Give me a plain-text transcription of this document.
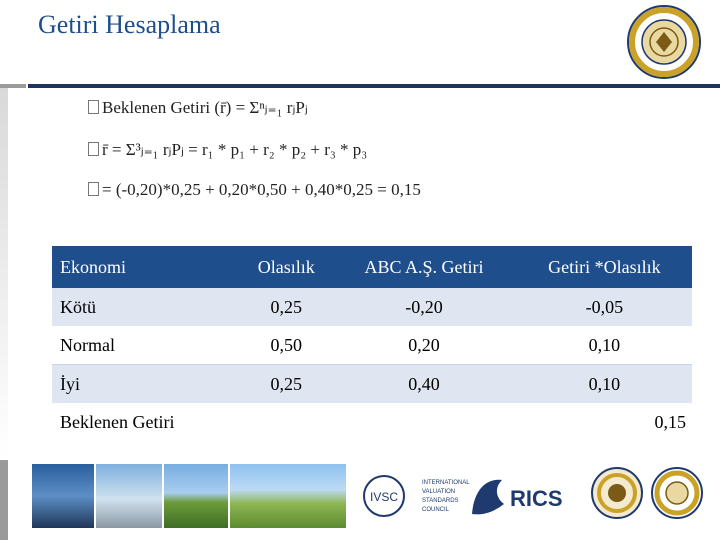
Getiri Hesaplama
Beklenen Getiri (r̄) = Σⁿⱼ₌₁ rⱼPⱼ
r̄ = Σ³ⱼ₌₁ rⱼPⱼ = r₁ * p₁ + r₂ * p₂ + r₃ * p₃
= (-0,20)*0,25 + 0,20*0,50 + 0,40*0,25 = 0,15
Ekonomi	Olasılık	ABC A.Ş. Getiri	Getiri *Olasılık
Kötü	0,25	-0,20	-0,05
Normal	0,50	0,20	0,10
İyi	0,25	0,40	0,10
Beklenen Getiri			0,15
IVSC
INTERNATIONAL
VALUATION
STANDARDS
COUNCIL	RICS
